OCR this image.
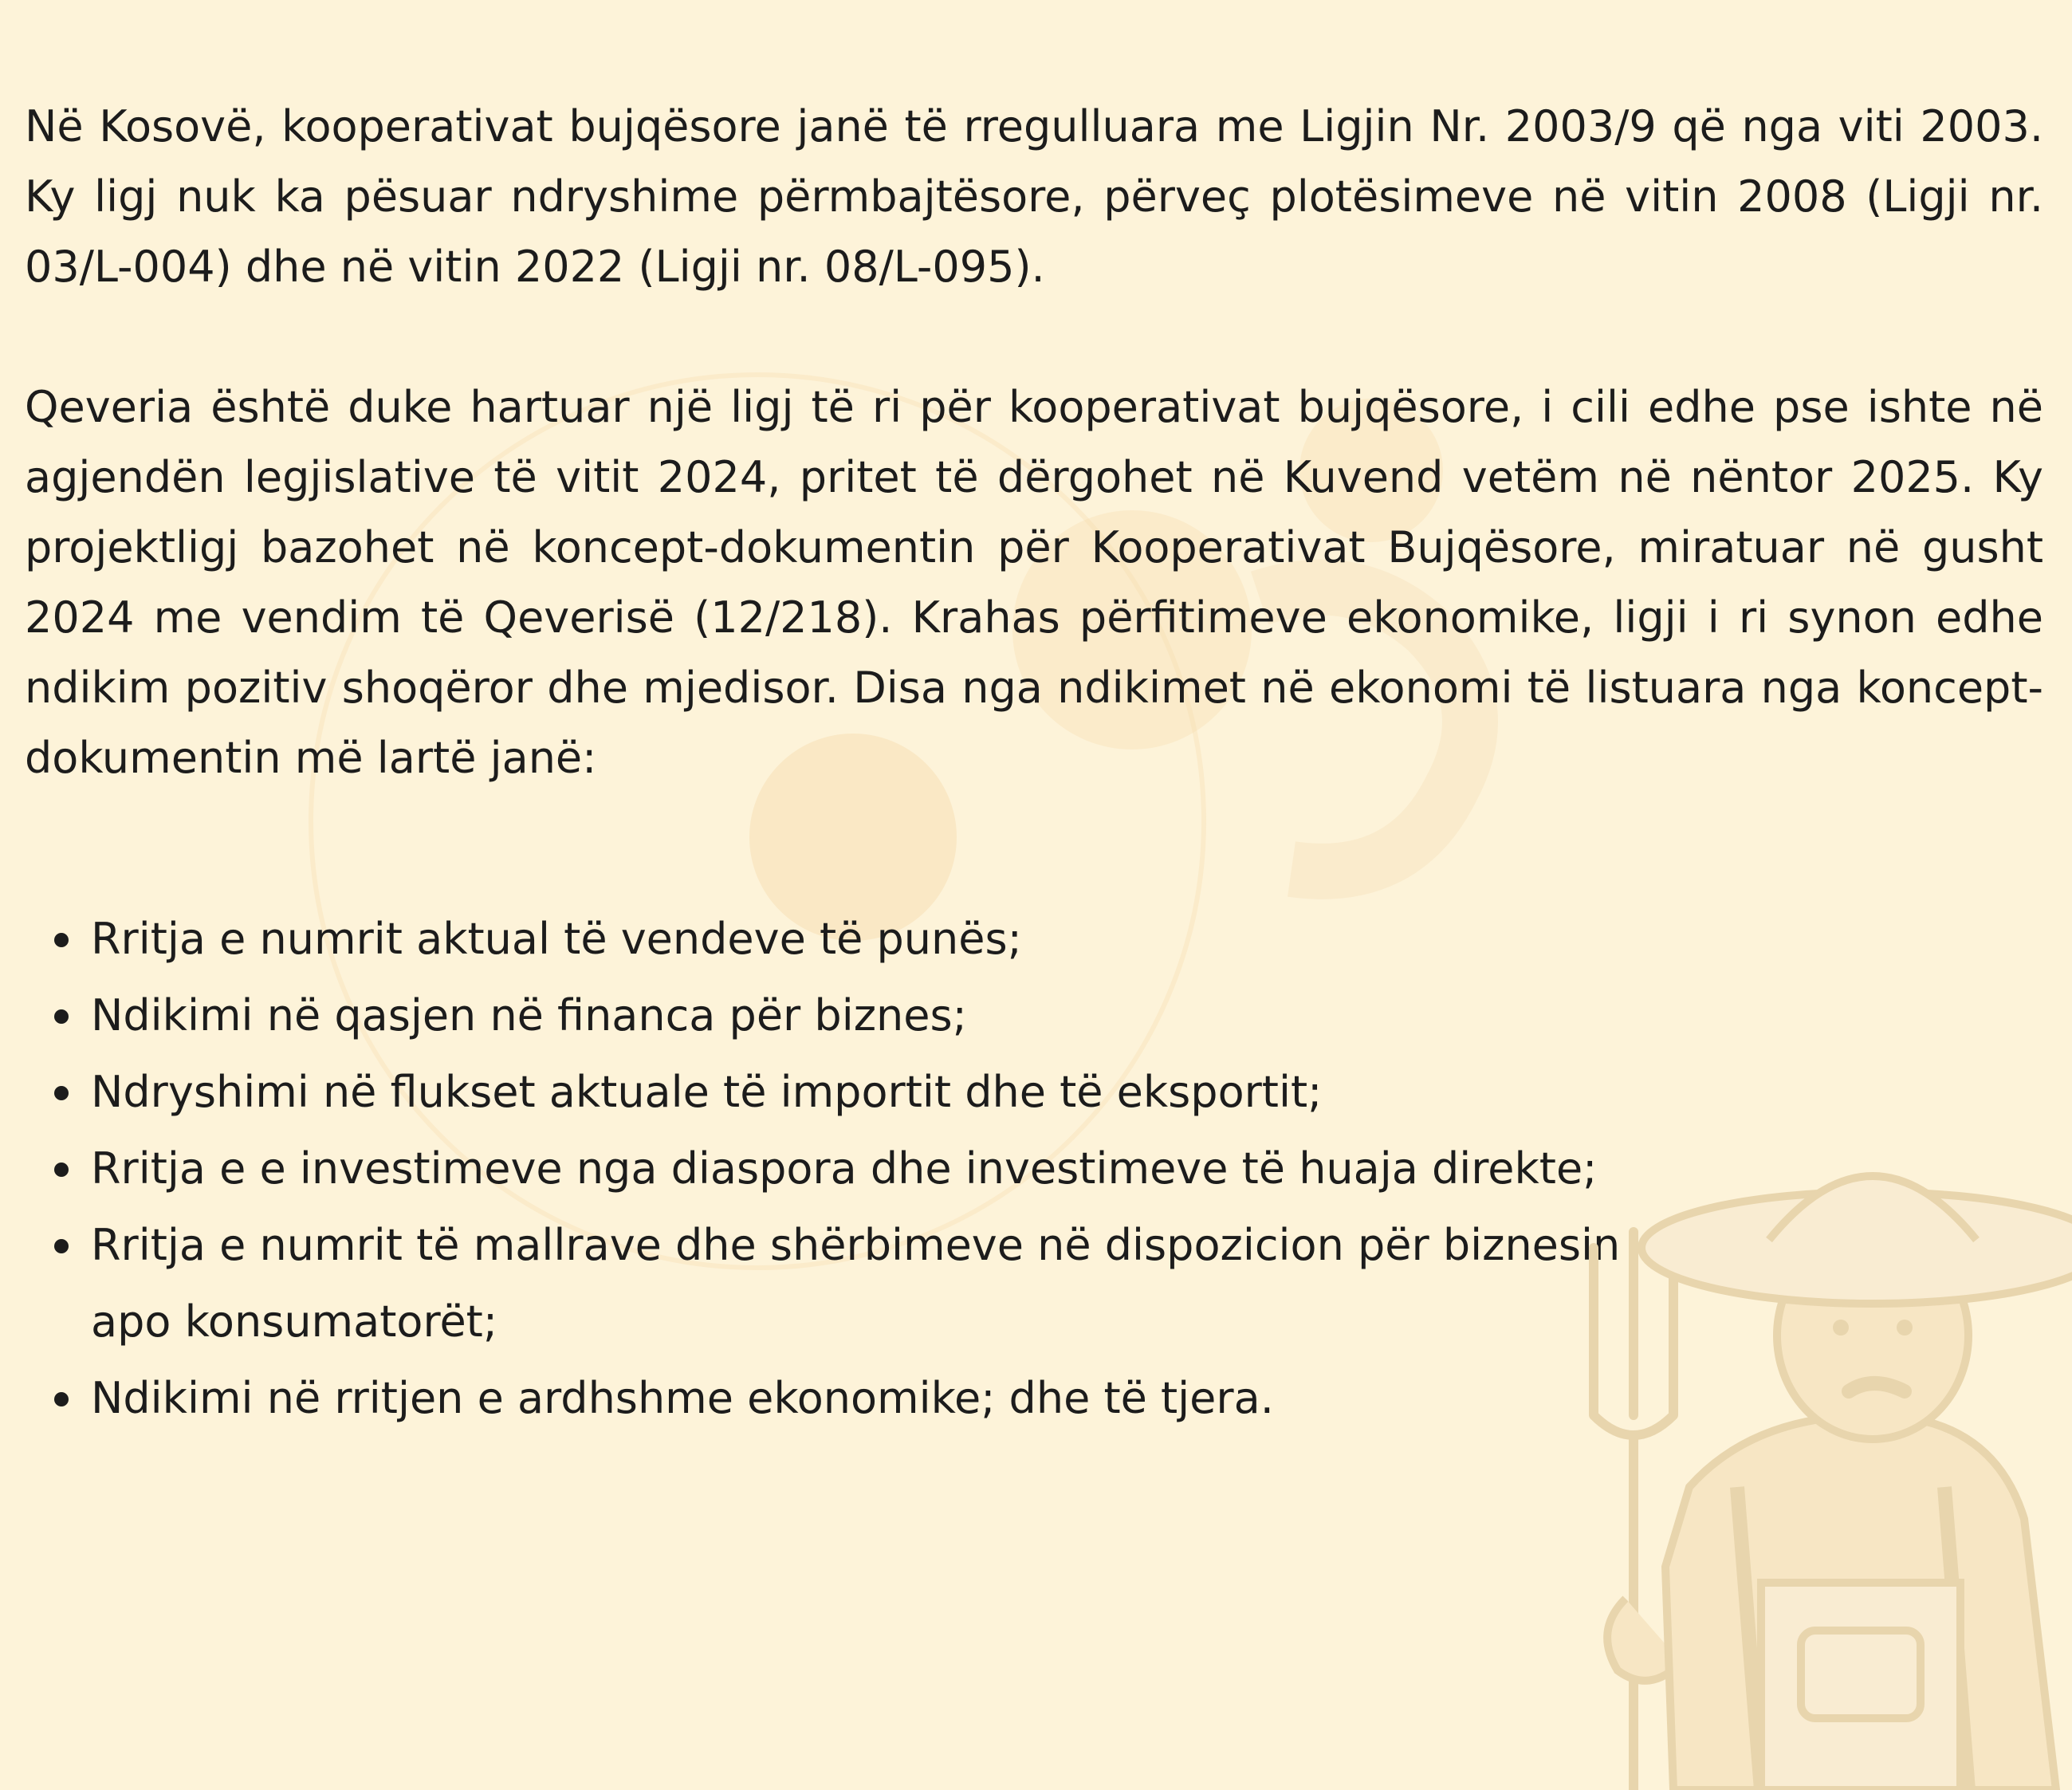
Në Kosovë, kooperativat bujqësore janë të rregulluara me Ligjin Nr. 2003/9 që nga viti 2003. Ky ligj nuk ka pësuar ndryshime përmbajtësore, përveç plotësimeve në vitin 2008 (Ligji nr. 03/L-004) dhe në vitin 2022 (Ligji nr. 08/L-095).

Qeveria është duke hartuar një ligj të ri për kooperativat bujqësore, i cili edhe pse ishte në agjendën legjislative të vitit 2024, pritet të dërgohet në Kuvend vetëm në nëntor 2025. Ky projektligj bazohet në koncept-dokumentin për Kooperativat Bujqësore, miratuar në gusht 2024 me vendim të Qeverisë (12/218). Krahas përfitimeve ekonomike, ligji i ri synon edhe ndikim pozitiv shoqëror dhe mjedisor. Disa nga ndikimet në ekonomi të listuara nga koncept-dokumentin më lartë janë:

Rritja e numrit aktual të vendeve të punës;
Ndikimi në qasjen në financa për biznes;
Ndryshimi në flukset aktuale të importit dhe të eksportit;
Rritja e e investimeve nga diaspora dhe investimeve të huaja direkte;
Rritja e numrit të mallrave dhe shërbimeve në dispozicion për biznesin
apo konsumatorët;
Ndikimi në rritjen e ardhshme ekonomike; dhe të tjera.
